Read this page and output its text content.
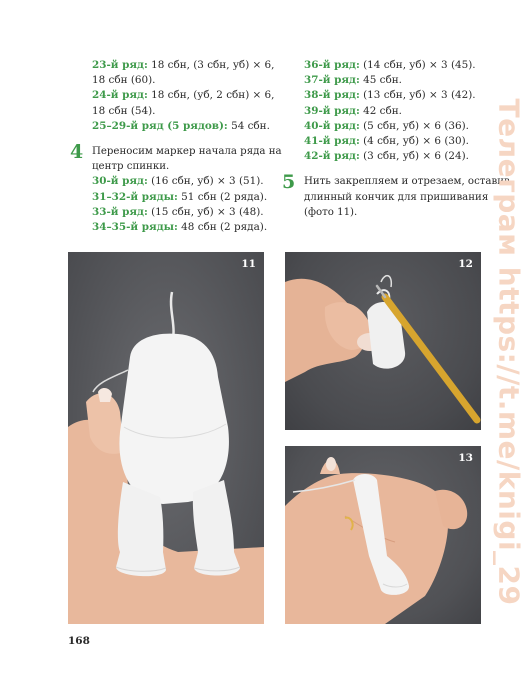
23-й ряд: 18 сбн, (3 сбн, уб) × 6,
18 сбн (60).
24-й ряд: 18 сбн, (уб, 2 сбн) × 6,
18 сбн (54).
25–29-й ряд (5 рядов): 54 сбн.
4 Переносим маркер начала ряда на
центр спинки.
30-й ряд: (16 сбн, уб) × 3 (51).
31–32-й ряды: 51 сбн (2 ряда).
33-й ряд: (15 сбн, уб) × 3 (48).
34–35-й ряды: 48 сбн (2 ряда).
36-й ряд: (14 сбн, уб) × 3 (45).
37-й ряд: 45 сбн.
38-й ряд: (13 сбн, уб) × 3 (42).
39-й ряд: 42 сбн.
40-й ряд: (5 сбн, уб) × 6 (36).
41-й ряд: (4 сбн, уб) × 6 (30).
42-й ряд: (3 сбн, уб) × 6 (24).
5 Нить закрепляем и отрезаем, оставив
длинный кончик для пришивания
(фото 11).
11	12
13
168
Телеграм https://t.me/knigi_29
